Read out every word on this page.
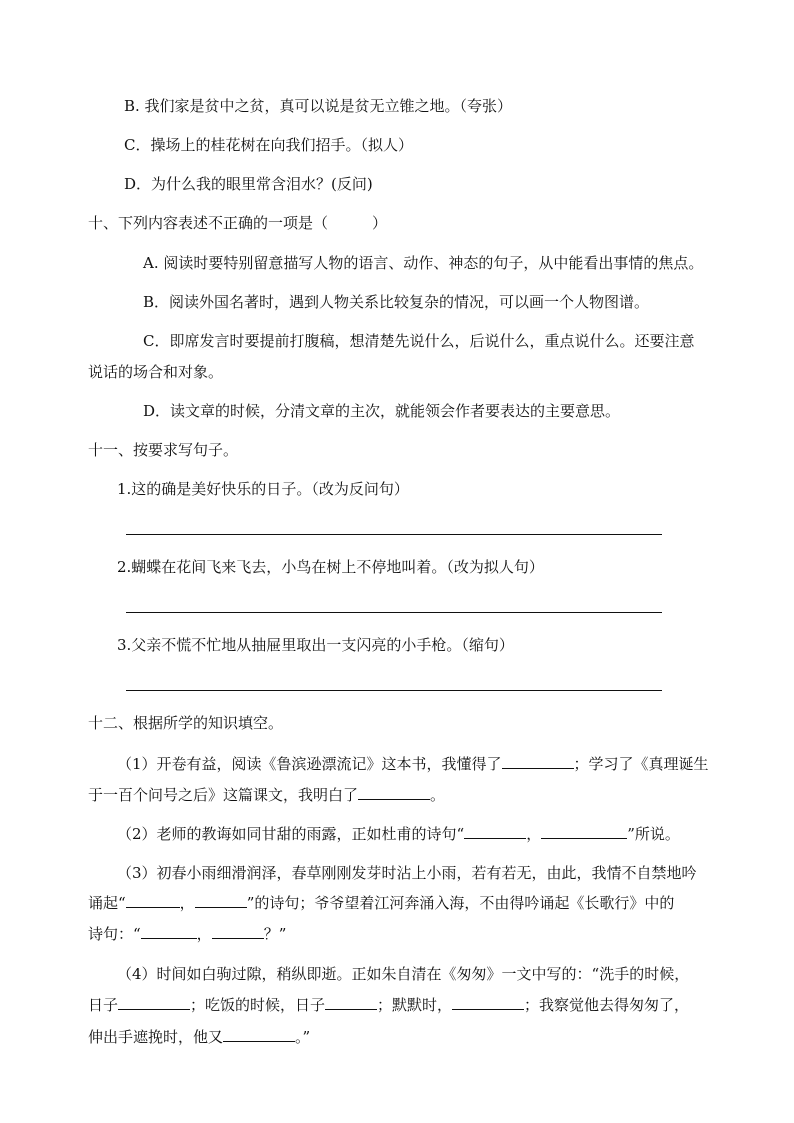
B. 我们家是贫中之贫，真可以说是贫无立锥之地。（夸张）
C．操场上的桂花树在向我们招手。（拟人）
D．为什么我的眼里常含泪水？(反问)
十、下列内容表述不正确的一项是（	）
A. 阅读时要特别留意描写人物的语言、动作、神态的句子，从中能看出事情的焦点。
B．阅读外国名著时，遇到人物关系比较复杂的情况，可以画一个人物图谱。
C．即席发言时要提前打腹稿，想清楚先说什么，后说什么，重点说什么。还要注意
说话的场合和对象。
D．读文章的时候，分清文章的主次，就能领会作者要表达的主要意思。
十一、按要求写句子。
1.这的确是美好快乐的日子。（改为反问句）
2.蝴蝶在花间飞来飞去，小鸟在树上不停地叫着。（改为拟人句）
3.父亲不慌不忙地从抽屉里取出一支闪亮的小手枪。（缩句）
十二、根据所学的知识填空。
（1）开卷有益，阅读《鲁滨逊漂流记》这本书，我懂得了	；学习了《真理诞生
于一百个问号之后》这篇课文，我明白了	。
（2）老师的教诲如同甘甜的雨露，正如杜甫的诗句“	，	”所说。
（3）初春小雨细滑润泽，春草刚刚发芽时沾上小雨，若有若无，由此，我情不自禁地吟
诵起“	，	”的诗句；爷爷望着江河奔涌入海，不由得吟诵起《长歌行》中的
诗句：“	，	？”
（4）时间如白驹过隙，稍纵即逝。正如朱自清在《匆匆》一文中写的：“洗手的时候，
日子	；吃饭的时候，日子	；默默时，	；我察觉他去得匆匆了，
伸出手遮挽时，他又	。”
